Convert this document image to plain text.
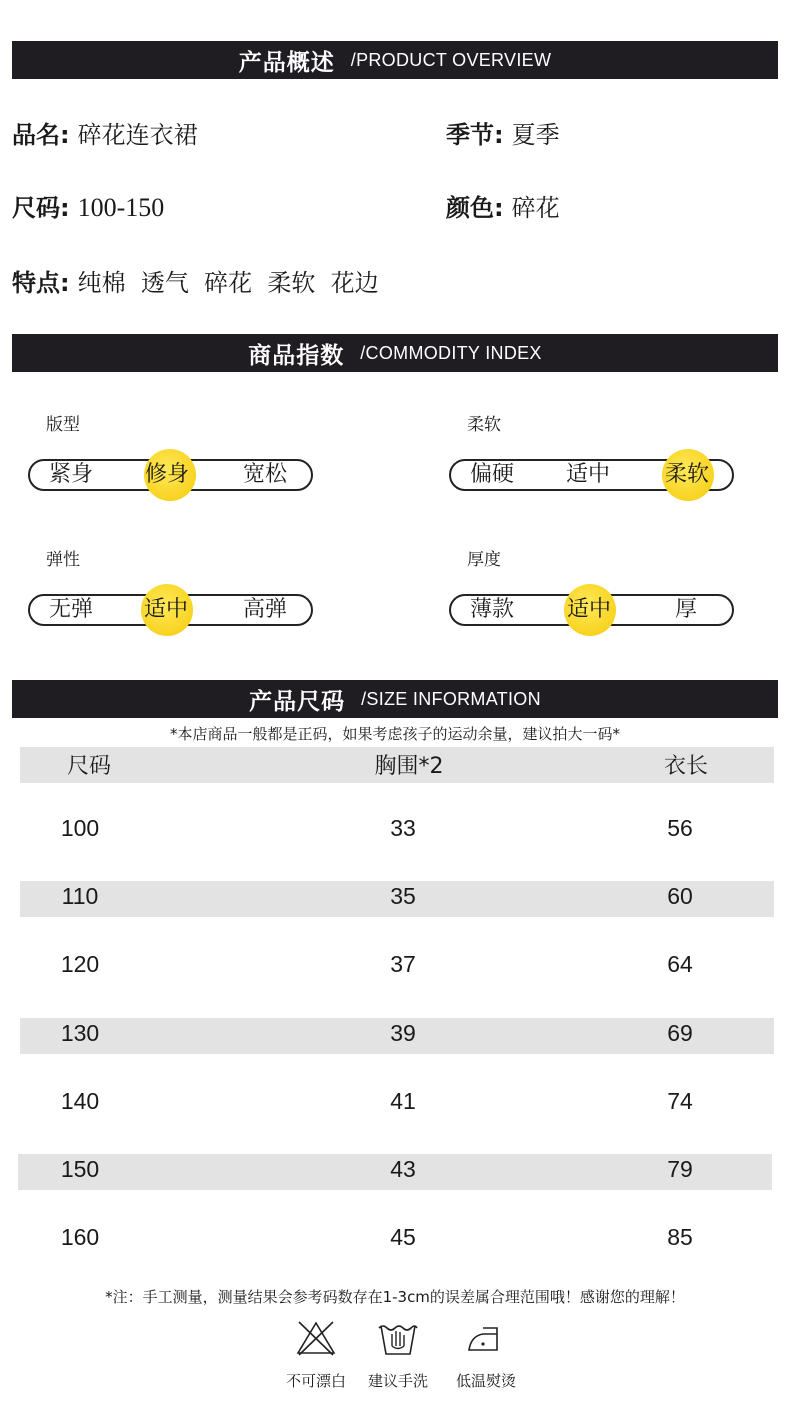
产品概述 /PRODUCT OVERVIEW
品名: 碎花连衣裙	季节: 夏季
尺码: 100-150	颜色: 碎花
特点: 纯棉  透气  碎花  柔软  花边
商品指数 /COMMODITY INDEX
版型
紧身 修身 宽松
柔软
偏硬 适中 柔软
弹性
无弹 适中 高弹
厚度
薄款 适中	厚
产品尺码 /SIZE INFORMATION
*本店商品一般都是正码，如果考虑孩子的运动余量，建议拍大一码*
尺码	胸围*2	衣长
100	33	56
110	35	60
120	37	64
130	39	69
140	41	74
150	43	79
160	45	85
*注：手工测量，测量结果会参考码数存在1-3cm的误差属合理范围哦！感谢您的理解！
不可漂白	建议手洗	低温熨烫
